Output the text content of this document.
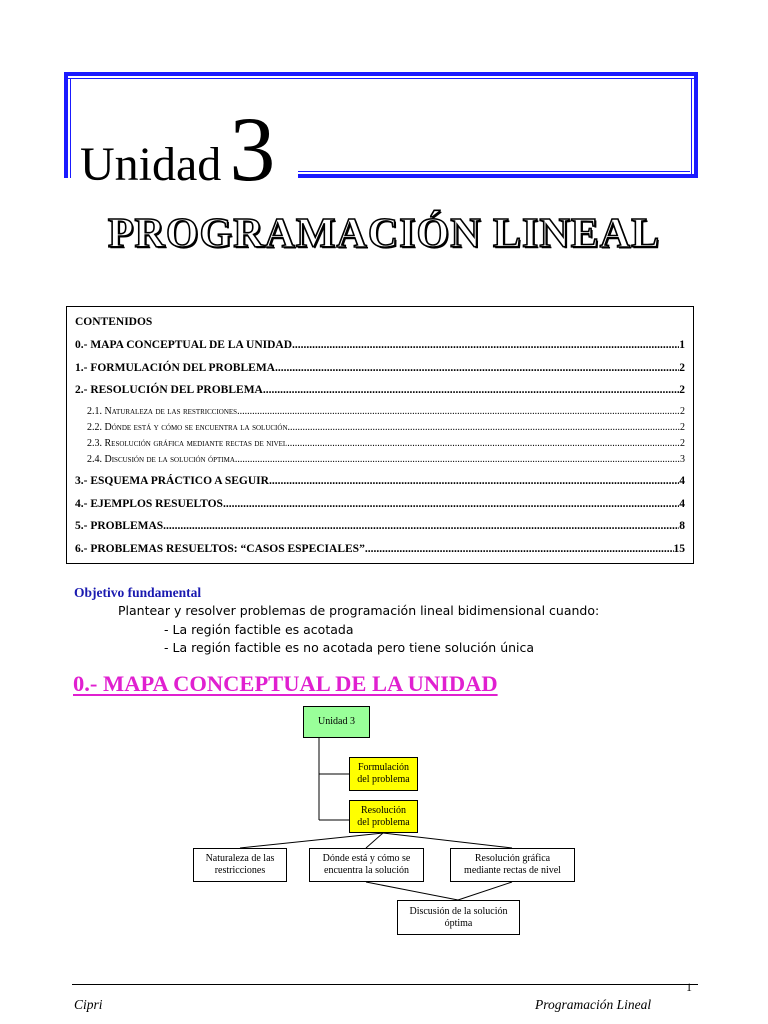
Unidad3
PROGRAMACIÓN LINEAL
CONTENIDOS
0.- MAPA CONCEPTUAL DE LA UNIDAD .....	1
1.- FORMULACIÓN DEL PROBLEMA .....	2
2.- RESOLUCIÓN DEL PROBLEMA .....	2
2.1. Naturaleza de las restricciones .....	2
2.2. Dónde está y cómo se encuentra la solución .....	2
2.3. Resolución gráfica mediante rectas de nivel .....	2
2.4. Discusión de la solución óptima .....	3
3.- ESQUEMA PRÁCTICO A SEGUIR .....	4
4.- EJEMPLOS RESUELTOS .....	4
5.- PROBLEMAS .....	8
6.- PROBLEMAS RESUELTOS: “CASOS ESPECIALES” .....	15
Objetivo fundamental
Plantear y resolver problemas de programación lineal bidimensional cuando:
- La región factible es acotada
- La región factible es no acotada pero tiene solución única
0.- MAPA CONCEPTUAL DE LA UNIDAD
Unidad 3
Formulación
del problema
Resolución
del problema
Naturaleza de las
restricciones
Dónde está y cómo se
encuentra la solución
Resolución gráfica
mediante rectas de nivel
Discusión de la solución
óptima
1
Cipri	Programación Lineal
